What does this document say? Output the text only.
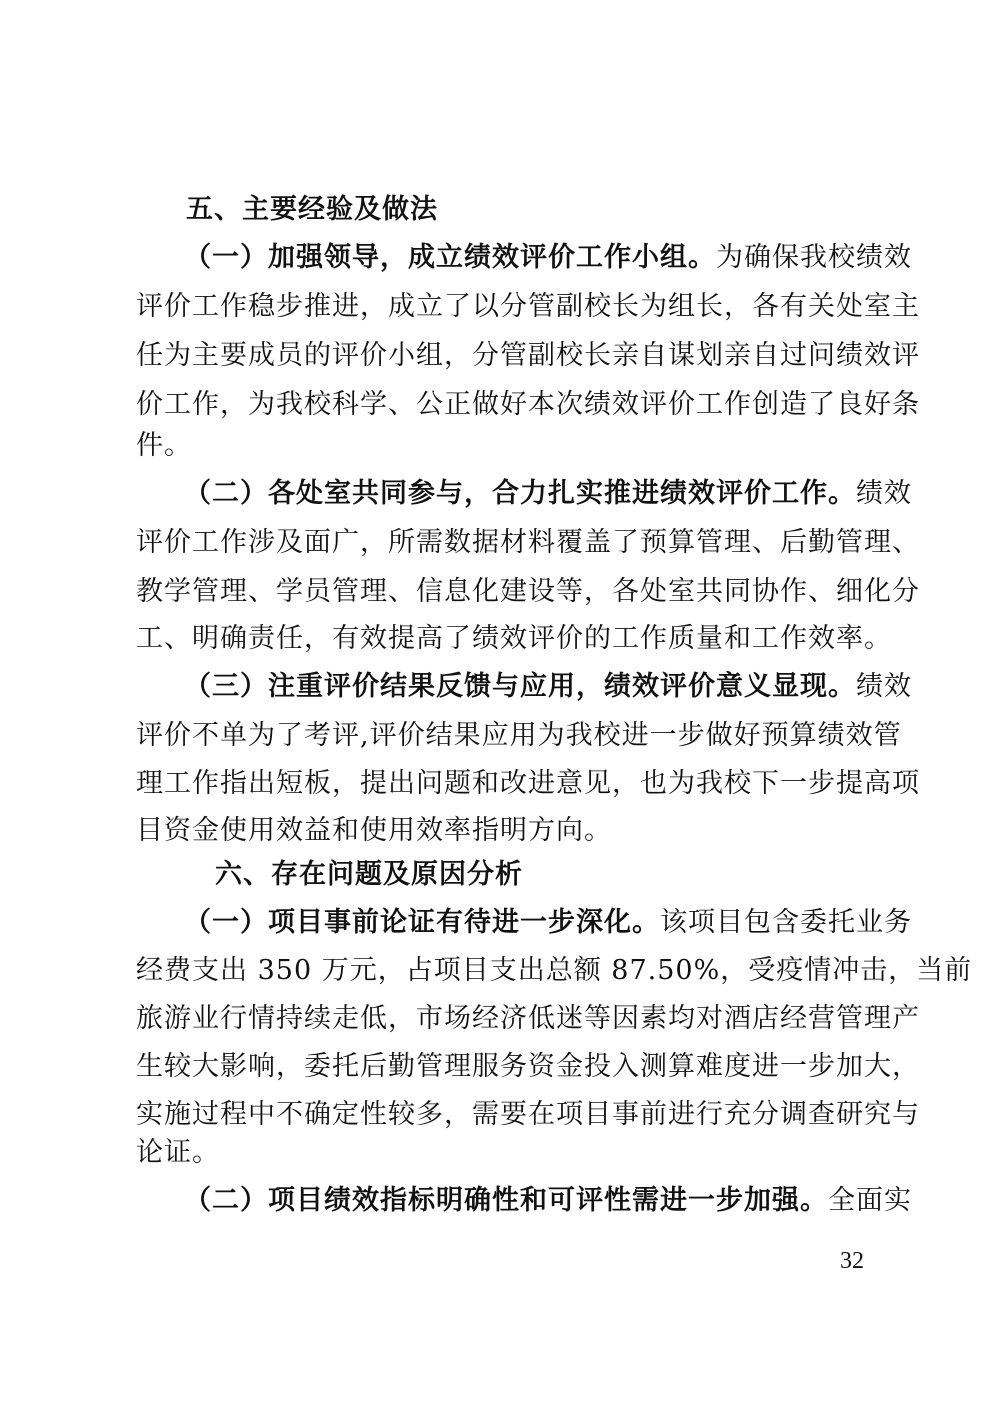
五、主要经验及做法
（一）加强领导，成立绩效评价工作小组。为确保我校绩效
评价工作稳步推进，成立了以分管副校长为组长，各有关处室主
任为主要成员的评价小组，分管副校长亲自谋划亲自过问绩效评
价工作，为我校科学、公正做好本次绩效评价工作创造了良好条
件。
（二）各处室共同参与，合力扎实推进绩效评价工作。绩效
评价工作涉及面广，所需数据材料覆盖了预算管理、后勤管理、
教学管理、学员管理、信息化建设等，各处室共同协作、细化分
工、明确责任，有效提高了绩效评价的工作质量和工作效率。
（三）注重评价结果反馈与应用，绩效评价意义显现。绩效
评价不单为了考评,评价结果应用为我校进一步做好预算绩效管
理工作指出短板，提出问题和改进意见，也为我校下一步提高项
目资金使用效益和使用效率指明方向。
六、存在问题及原因分析
（一）项目事前论证有待进一步深化。该项目包含委托业务
经费支出 350 万元，占项目支出总额 87.50%，受疫情冲击，当前
旅游业行情持续走低，市场经济低迷等因素均对酒店经营管理产
生较大影响，委托后勤管理服务资金投入测算难度进一步加大，
实施过程中不确定性较多，需要在项目事前进行充分调查研究与
论证。
（二）项目绩效指标明确性和可评性需进一步加强。全面实
32
